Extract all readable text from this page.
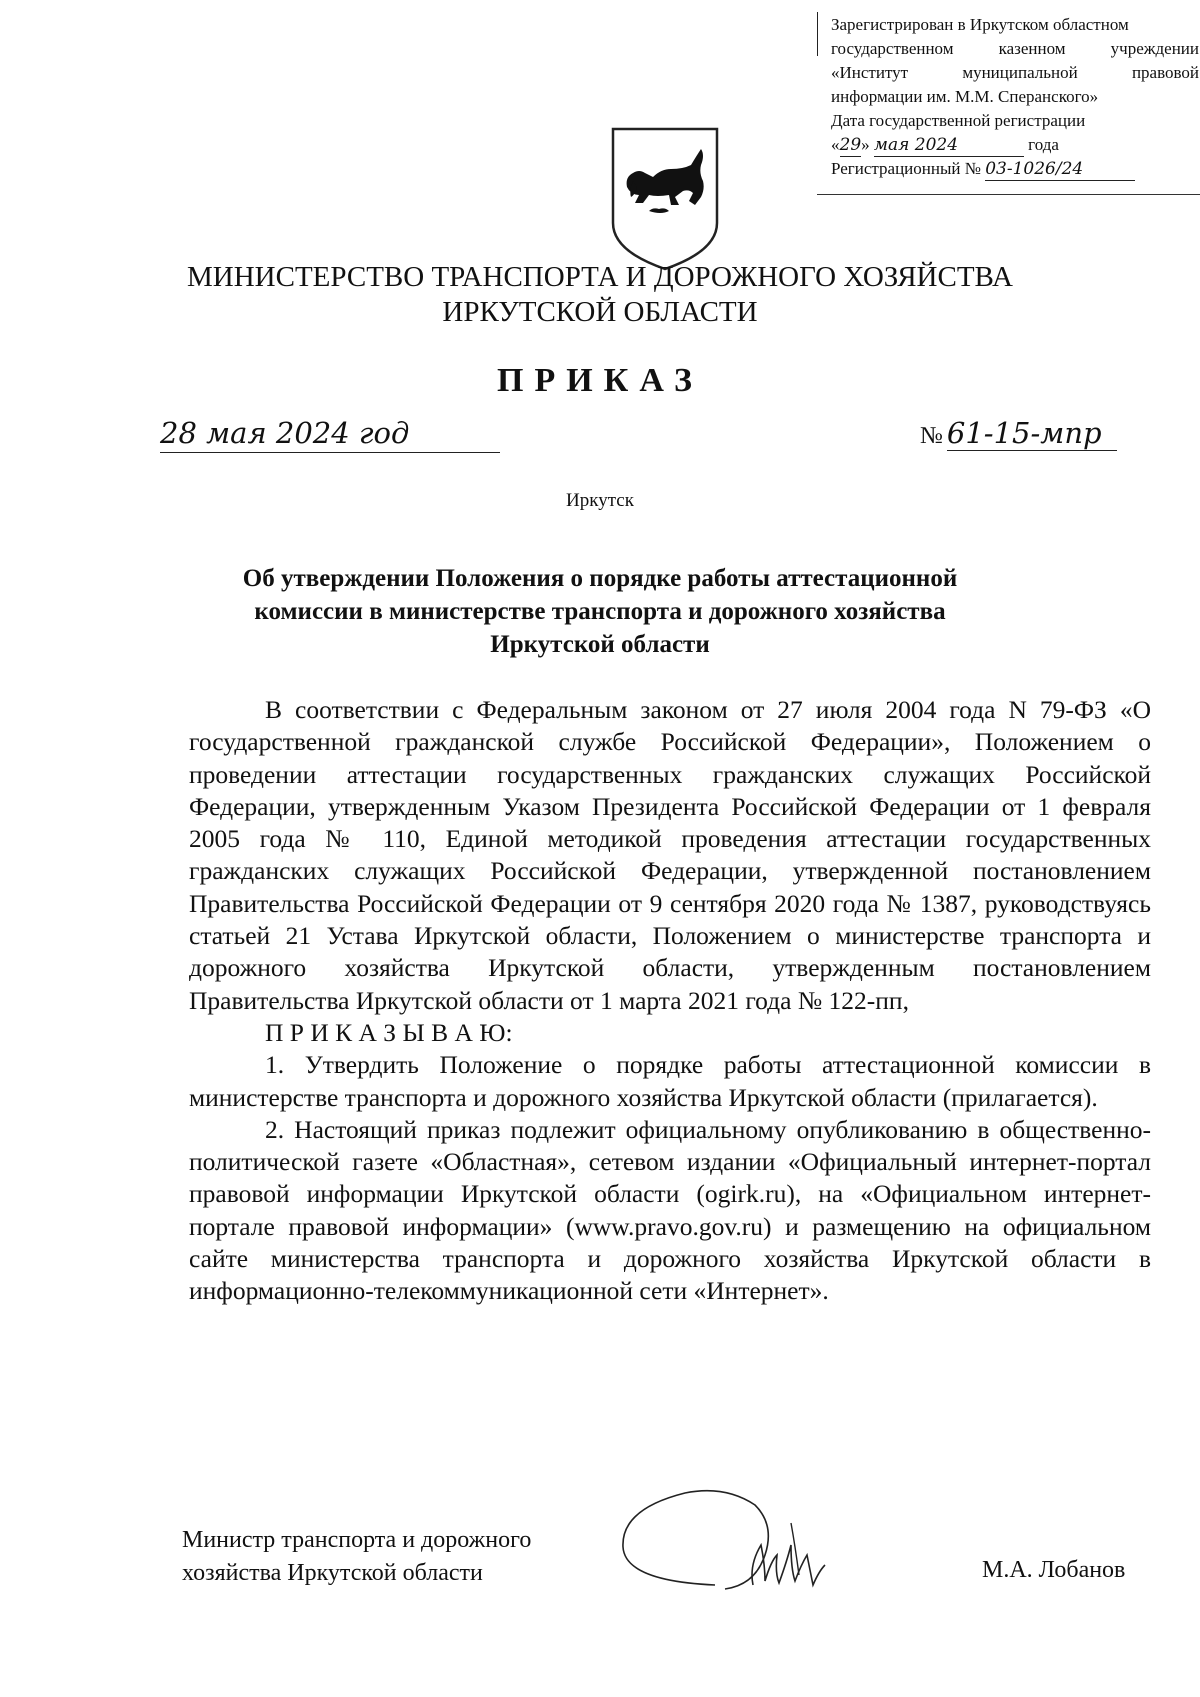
Зарегистрирован в Иркутском областном
государственном казенном учреждении
«Институт муниципальной правовой
информации им. М.М. Сперанского»
Дата государственной регистрации
«29» мая 2024	года
Регистрационный № 03-1026/24
МИНИСТЕРСТВО ТРАНСПОРТА И ДОРОЖНОГО ХОЗЯЙСТВА
ИРКУТСКОЙ ОБЛАСТИ
ПРИКАЗ
28 мая 2024 год	№ 61-15-мпр
Иркутск
Об утверждении Положения о порядке работы аттестационной
комиссии в министерстве транспорта и дорожного хозяйства
Иркутской области

В соответствии с Федеральным законом от 27 июля 2004 года N 79-ФЗ «О государственной гражданской службе Российской Федерации», Положением о проведении аттестации государственных гражданских служащих Российской Федерации, утвержденным Указом Президента Российской Федерации от 1 февраля 2005 года № 110, Единой методикой проведения аттестации государственных гражданских служащих Российской Федерации, утвержденной постановлением Правительства Российской Федерации от 9 сентября 2020 года № 1387, руководствуясь статьей 21 Устава Иркутской области, Положением о министерстве транспорта и дорожного хозяйства Иркутской области, утвержденным постановлением Правительства Иркутской области от 1 марта 2021 года № 122-пп,

П Р И К А З Ы В А Ю:

1. Утвердить Положение о порядке работы аттестационной комиссии в министерстве транспорта и дорожного хозяйства Иркутской области (прилагается).

2. Настоящий приказ подлежит официальному опубликованию в общественно-политической газете «Областная», сетевом издании «Официальный интернет-портал правовой информации Иркутской области (ogirk.ru), на «Официальном интернет-портале правовой информации» (www.pravo.gov.ru) и размещению на официальном сайте министерства транспорта и дорожного хозяйства Иркутской области в информационно-телекоммуникационной сети «Интернет».

Министр транспорта и дорожного
хозяйства Иркутской области	М.А. Лобанов
